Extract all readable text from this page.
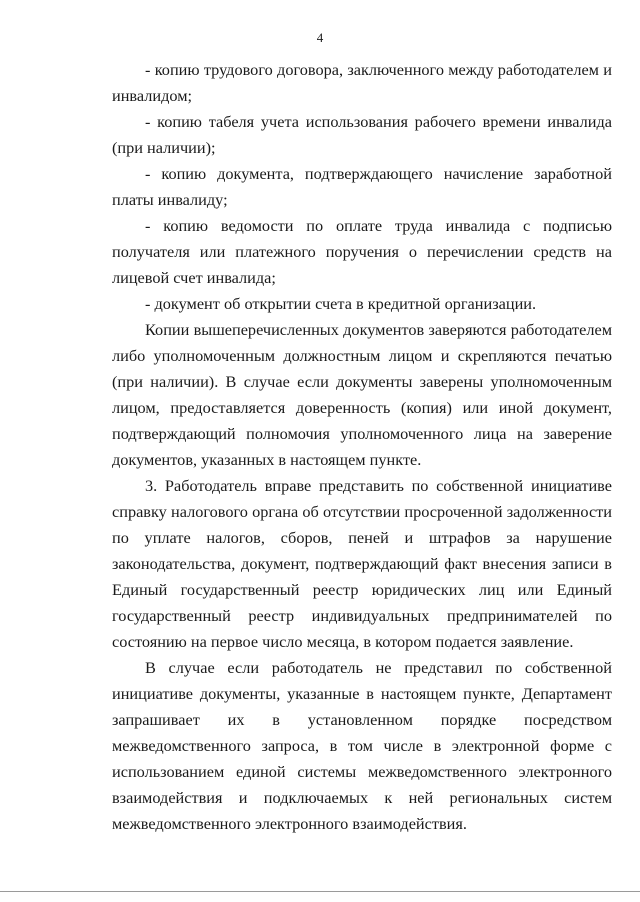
4

- копию трудового договора, заключенного между работодателем и инвалидом;

- копию табеля учета использования рабочего времени инвалида (при наличии);

- копию документа, подтверждающего начисление заработной платы инвалиду;

- копию ведомости по оплате труда инвалида с подписью получателя или платежного поручения о перечислении средств на лицевой счет инвалида;

- документ об открытии счета в кредитной организации.

Копии вышеперечисленных документов заверяются работодателем либо уполномоченным должностным лицом и скрепляются печатью (при наличии). В случае если документы заверены уполномоченным лицом, предоставляется доверенность (копия) или иной документ, подтверждающий полномочия уполномоченного лица на заверение документов, указанных в настоящем пункте.

3. Работодатель вправе представить по собственной инициативе справку налогового органа об отсутствии просроченной задолженности по уплате налогов, сборов, пеней и штрафов за нарушение законодательства, документ, подтверждающий факт внесения записи в Единый государственный реестр юридических лиц или Единый государственный реестр индивидуальных предпринимателей по состоянию на первое число месяца, в котором подается заявление.

В случае если работодатель не представил по собственной инициативе документы, указанные в настоящем пункте, Департамент запрашивает их в установленном порядке посредством межведомственного запроса, в том числе в электронной форме с использованием единой системы межведомственного электронного взаимодействия и подключаемых к ней региональных систем межведомственного электронного взаимодействия.
